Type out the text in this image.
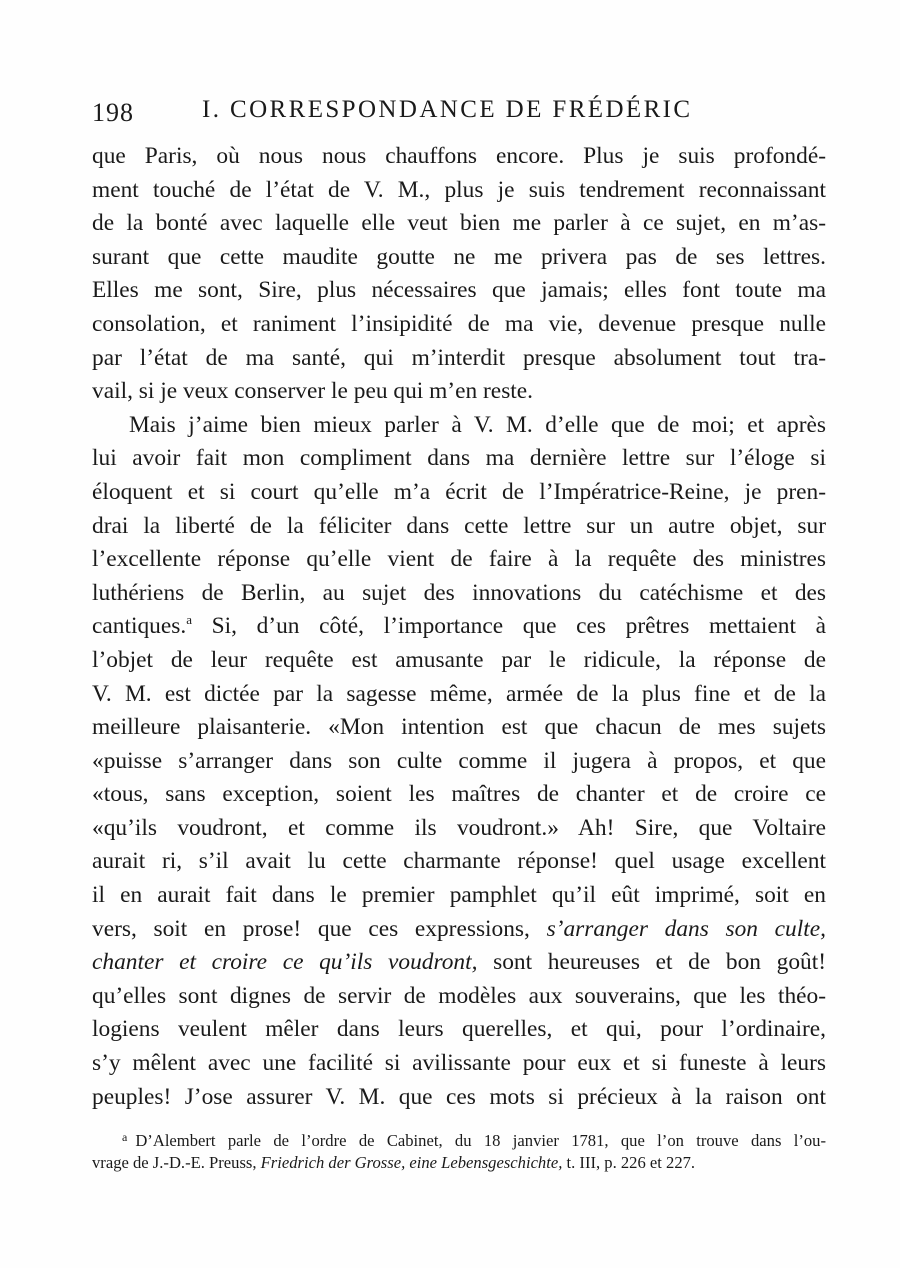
198	I. CORRESPONDANCE DE FRÉDÉRIC
que Paris, où nous nous chauffons encore. Plus je suis profondé-
ment touché de l’état de V. M., plus je suis tendrement reconnaissant
de la bonté avec laquelle elle veut bien me parler à ce sujet, en m’as-
surant que cette maudite goutte ne me privera pas de ses lettres.
Elles me sont, Sire, plus nécessaires que jamais; elles font toute ma
consolation, et raniment l’insipidité de ma vie, devenue presque nulle
par l’état de ma santé, qui m’interdit presque absolument tout tra-
vail, si je veux conserver le peu qui m’en reste.
Mais j’aime bien mieux parler à V. M. d’elle que de moi; et après
lui avoir fait mon compliment dans ma dernière lettre sur l’éloge si
éloquent et si court qu’elle m’a écrit de l’Impératrice-Reine, je pren-
drai la liberté de la féliciter dans cette lettre sur un autre objet, sur
l’excellente réponse qu’elle vient de faire à la requête des ministres
luthériens de Berlin, au sujet des innovations du catéchisme et des
cantiques.$^a$ Si, d’un côté, l’importance que ces prêtres mettaient à
l’objet de leur requête est amusante par le ridicule, la réponse de
V. M. est dictée par la sagesse même, armée de la plus fine et de la
meilleure plaisanterie. «Mon intention est que chacun de mes sujets
«puisse s’arranger dans son culte comme il jugera à propos, et que
«tous, sans exception, soient les maîtres de chanter et de croire ce
«qu’ils voudront, et comme ils voudront.» Ah! Sire, que Voltaire
aurait ri, s’il avait lu cette charmante réponse! quel usage excellent
il en aurait fait dans le premier pamphlet qu’il eût imprimé, soit en
vers, soit en prose! que ces expressions, s’arranger dans son culte,
chanter et croire ce qu’ils voudront, sont heureuses et de bon goût!
qu’elles sont dignes de servir de modèles aux souverains, que les théo-
logiens veulent mêler dans leurs querelles, et qui, pour l’ordinaire,
s’y mêlent avec une facilité si avilissante pour eux et si funeste à leurs
peuples! J’ose assurer V. M. que ces mots si précieux à la raison ont
$^a$ D’Alembert parle de l’ordre de Cabinet, du 18 janvier 1781, que l’on trouve dans l’ou-
vrage de J.-D.-E. Preuss, Friedrich der Grosse, eine Lebensgeschichte, t. III, p. 226 et 227.
